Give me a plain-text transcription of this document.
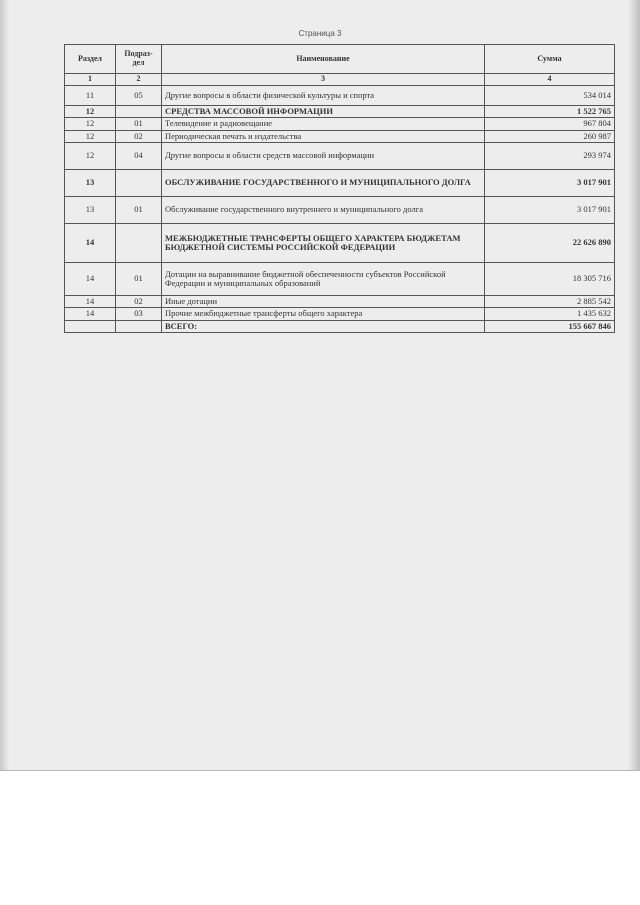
Страница 3
Раздел	Подраз-дел	Наименование	Сумма
1	2	3	4
11	05	Другие вопросы в области физической культуры и спорта	534 014
12		СРЕДСТВА МАССОВОЙ ИНФОРМАЦИИ	1 522 765
12	01	Телевидение и радиовещание	967 804
12	02	Периодическая печать и издательства	260 987
12	04	Другие вопросы в области средств массовой информации	293 974
13		ОБСЛУЖИВАНИЕ ГОСУДАРСТВЕННОГО И МУНИЦИПАЛЬНОГО ДОЛГА	3 017 901
13	01	Обслуживание государственного внутреннего и муниципального долга	3 017 901
14		МЕЖБЮДЖЕТНЫЕ ТРАНСФЕРТЫ ОБЩЕГО ХАРАКТЕРА БЮДЖЕТАМ БЮДЖЕТНОЙ СИСТЕМЫ РОССИЙСКОЙ ФЕДЕРАЦИИ	22 626 890
14	01	Дотации на выравнивание бюджетной обеспеченности субъектов Российской Федерации и муниципальных образований	18 305 716
14	02	Иные дотации	2 885 542
14	03	Прочие межбюджетные трансферты общего характера	1 435 632
		ВСЕГО:	155 667 846
